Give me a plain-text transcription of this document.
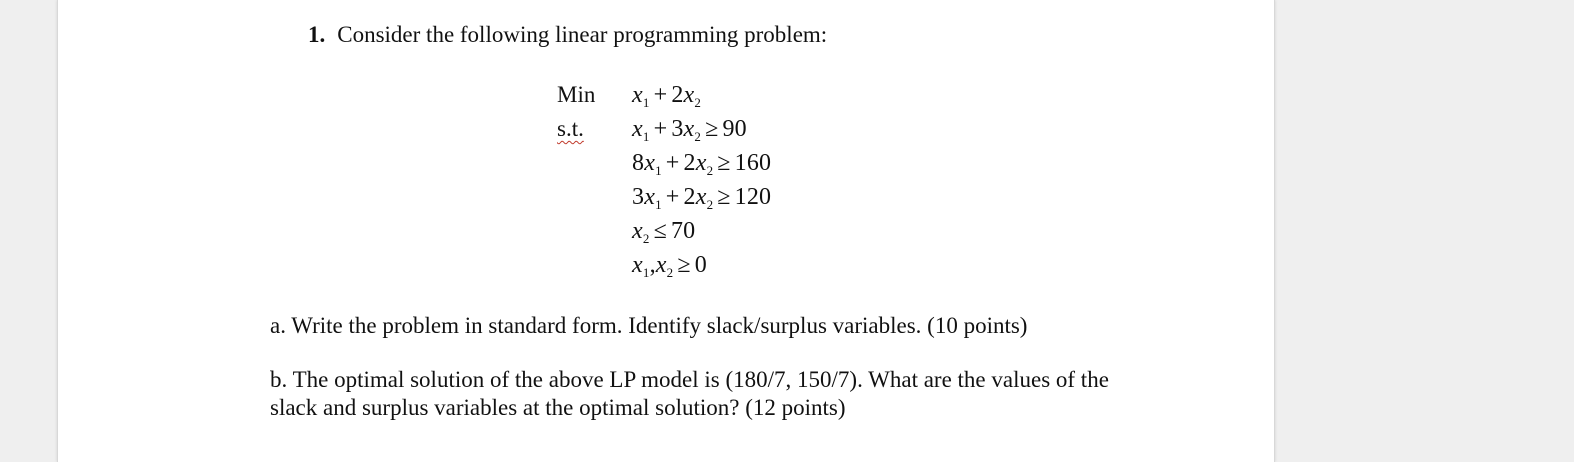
1. Consider the following linear programming problem:
Min
s.t.
$x_1 + 2x_2$
$x_1 + 3x_2 \ge 90$
$8x_1 + 2x_2 \ge 160$
$3x_1 + 2x_2 \ge 120$
$x_2 \le 70$
$x_1,x_2 \ge 0$
a. Write the problem in standard form. Identify slack/surplus variables. (10 points)
b. The optimal solution of the above LP model is (180/7, 150/7). What are the values of the slack and surplus variables at the optimal solution? (12 points)
